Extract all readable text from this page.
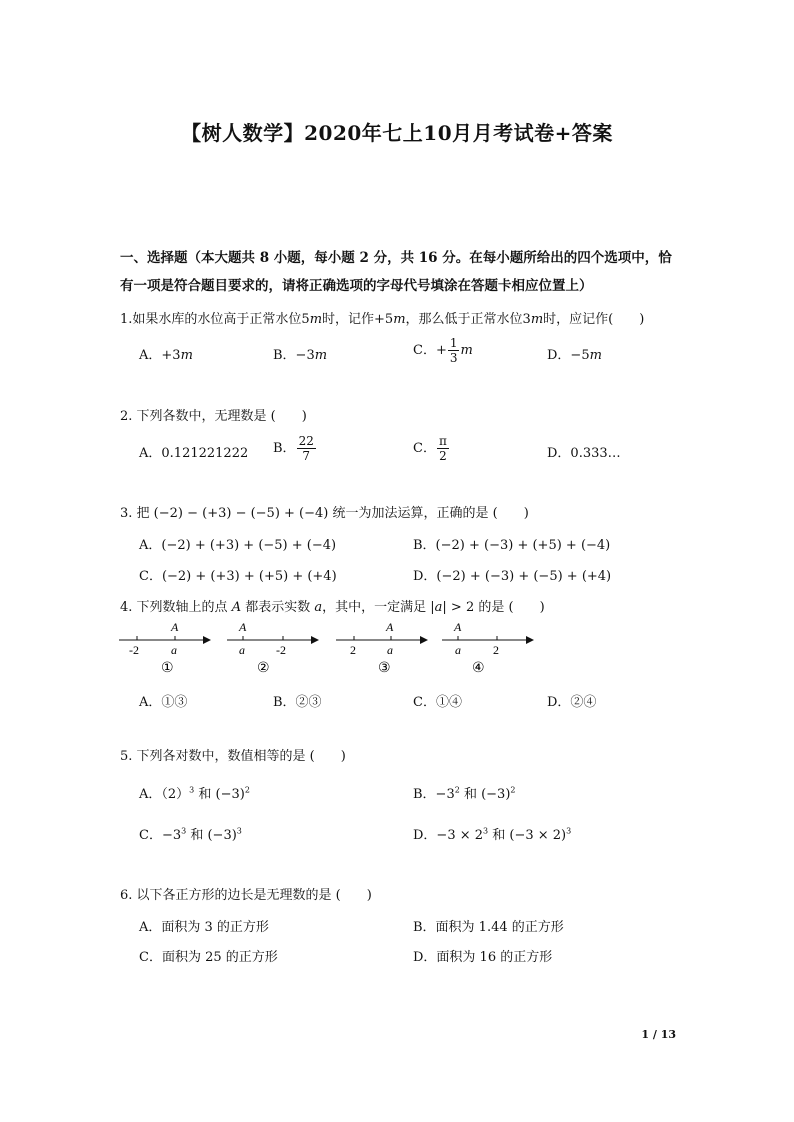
【树人数学】2020年七上10月月考试卷+答案
一、选择题（本大题共 8 小题，每小题 2 分，共 16 分。在每小题所给出的四个选项中，恰
有一项是符合题目要求的，请将正确选项的字母代号填涂在答题卡相应位置上）
1.如果水库的水位高于正常水位5m时，记作+5m，那么低于正常水位3m时，应记作(　　)
A．+3m	B．−3m	C．+ $\frac{1}{3}$ m	D．−5m
2. 下列各数中，无理数是 (　　)
A．0.121221222 B． $\frac{22}{7}$	C． $\frac{\pi}{2}$	D．0.333…
3. 把 (−2) − (+3) − (−5) + (−4) 统一为加法运算，正确的是 (　　)
A．(−2) + (+3) + (−5) + (−4)	B．(−2) + (−3) + (+5) + (−4)
C．(−2) + (+3) + (+5) + (+4)	D．(−2) + (−3) + (−5) + (+4)
4. 下列数轴上的点 A 都表示实数 a，其中，一定满足 |a| > 2 的是 (　　)
A
a
-2
①
A
a	-2
②
A
a
2
③
A
a	2
④
A．①③	B．②③	C．①④	D．②④
5. 下列各对数中，数值相等的是 (　　)
A．$(2)^3$ 和 $(-3)^2$	B．$-3^2$ 和 $(-3)^2$
C．$-3^3$ 和 $(-3)^3$	D．$-3 \times 2^3$ 和 $(-3 \times 2)^3$
6. 以下各正方形的边长是无理数的是 (　　)
A．面积为 3 的正方形	B．面积为 1.44 的正方形
C．面积为 25 的正方形	D．面积为 16 的正方形
1 / 13
